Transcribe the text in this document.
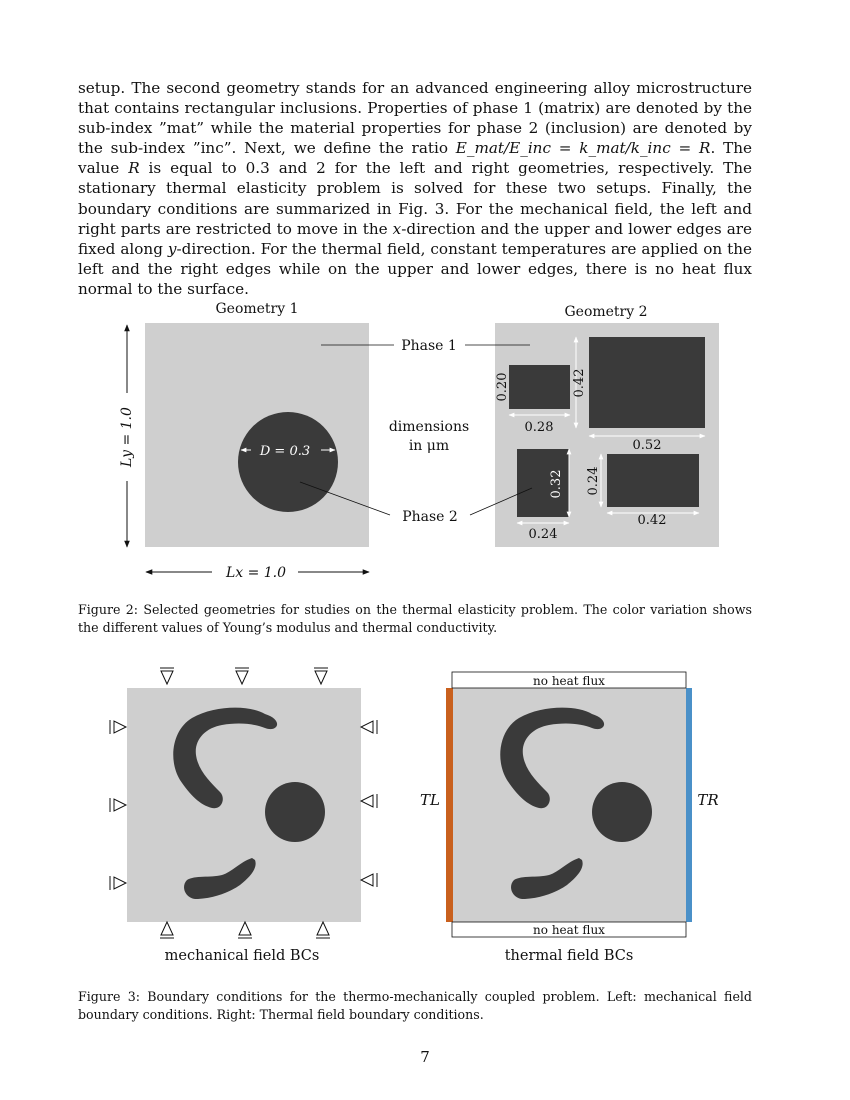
setup. The second geometry stands for an advanced engineering alloy microstructure that contains rectangular inclusions. Properties of phase 1 (matrix) are denoted by the sub-index ”mat” while the material properties for phase 2 (inclusion) are denoted by the sub-index ”inc”. Next, we define the ratio E_mat/E_inc = k_mat/k_inc = R. The value R is equal to 0.3 and 2 for the left and right geometries, respectively. The stationary thermal elasticity problem is solved for these two setups. Finally, the boundary conditions are summarized in Fig. 3. For the mechanical field, the left and right parts are restricted to move in the x-direction and the upper and lower edges are fixed along y-direction. For the thermal field, constant temperatures are applied on the left and the right edges while on the upper and lower edges, there is no heat flux normal to the surface.

Geometry 1	Geometry 2
D = 0.3
Ly = 1.0
Lx = 1.0
0.28
0.20	0.42
0.52
0.32
0.24
0.24
0.42
Phase 1
dimensions
in μm
Phase 2

Figure 2: Selected geometries for studies on the thermal elasticity problem. The color variation shows the different values of Young’s modulus and thermal conductivity.

mechanical field BCs
no heat flux
no heat flux
TL	TR
thermal field BCs

Figure 3: Boundary conditions for the thermo-mechanically coupled problem. Left: mechanical field boundary conditions. Right: Thermal field boundary conditions.

7
